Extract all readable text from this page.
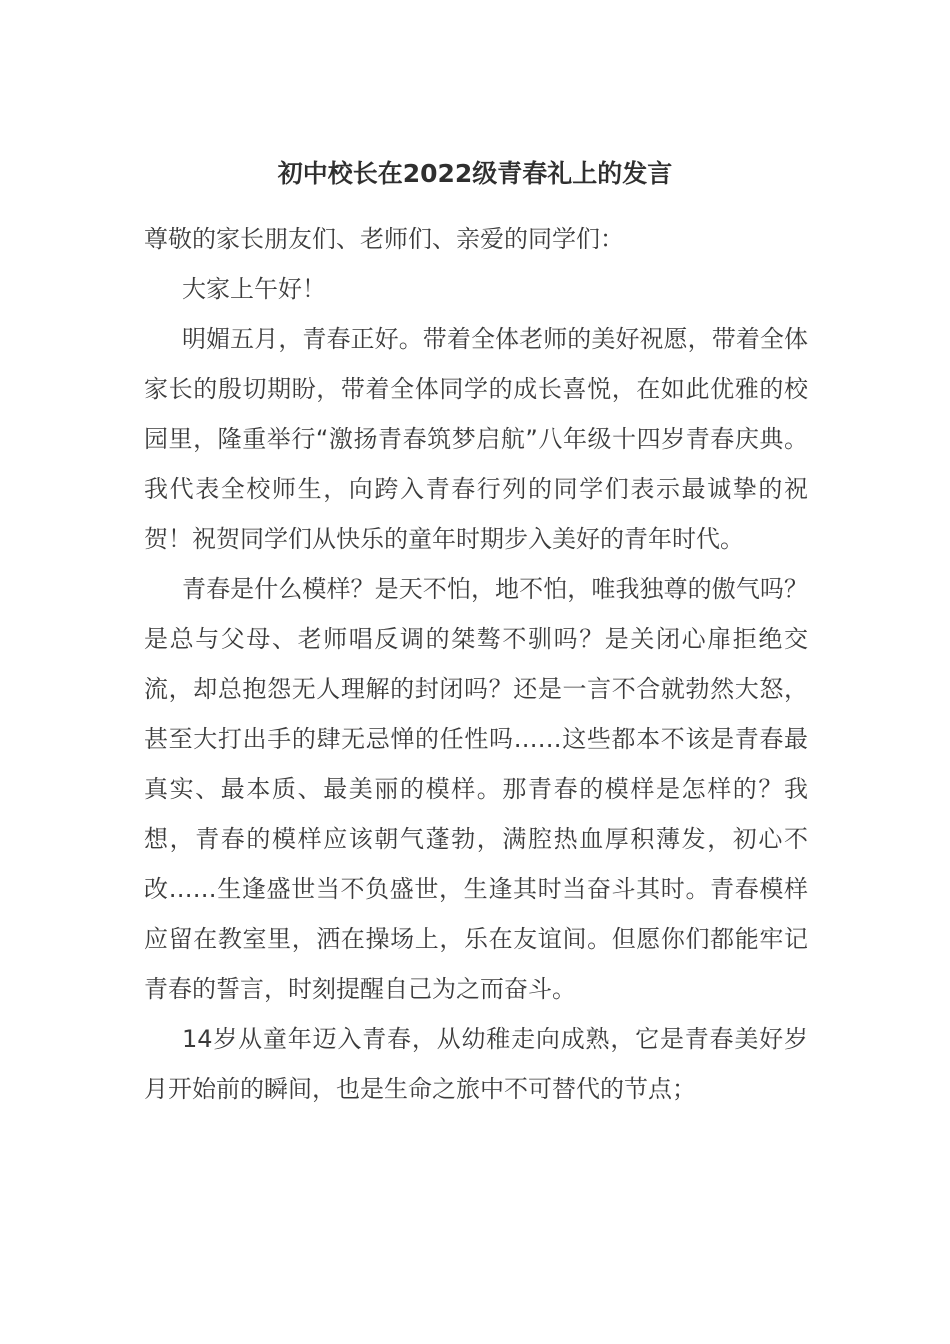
初中校长在2022级青春礼上的发言

尊敬的家长朋友们、老师们、亲爱的同学们：

大家上午好！

明媚五月，青春正好。带着全体老师的美好祝愿，带着全体家长的殷切期盼，带着全体同学的成长喜悦，在如此优雅的校园里，隆重举行“激扬青春筑梦启航”八年级十四岁青春庆典。我代表全校师生，向跨入青春行列的同学们表示最诚挚的祝贺！祝贺同学们从快乐的童年时期步入美好的青年时代。

青春是什么模样？是天不怕，地不怕，唯我独尊的傲气吗？是总与父母、老师唱反调的桀骜不驯吗？是关闭心扉拒绝交流，却总抱怨无人理解的封闭吗？还是一言不合就勃然大怒，甚至大打出手的肆无忌惮的任性吗……这些都本不该是青春最真实、最本质、最美丽的模样。那青春的模样是怎样的？我想，青春的模样应该朝气蓬勃，满腔热血厚积薄发，初心不改……生逢盛世当不负盛世，生逢其时当奋斗其时。青春模样应留在教室里，洒在操场上，乐在友谊间。但愿你们都能牢记青春的誓言，时刻提醒自己为之而奋斗。

14岁从童年迈入青春，从幼稚走向成熟，它是青春美好岁月开始前的瞬间，也是生命之旅中不可替代的节点；
